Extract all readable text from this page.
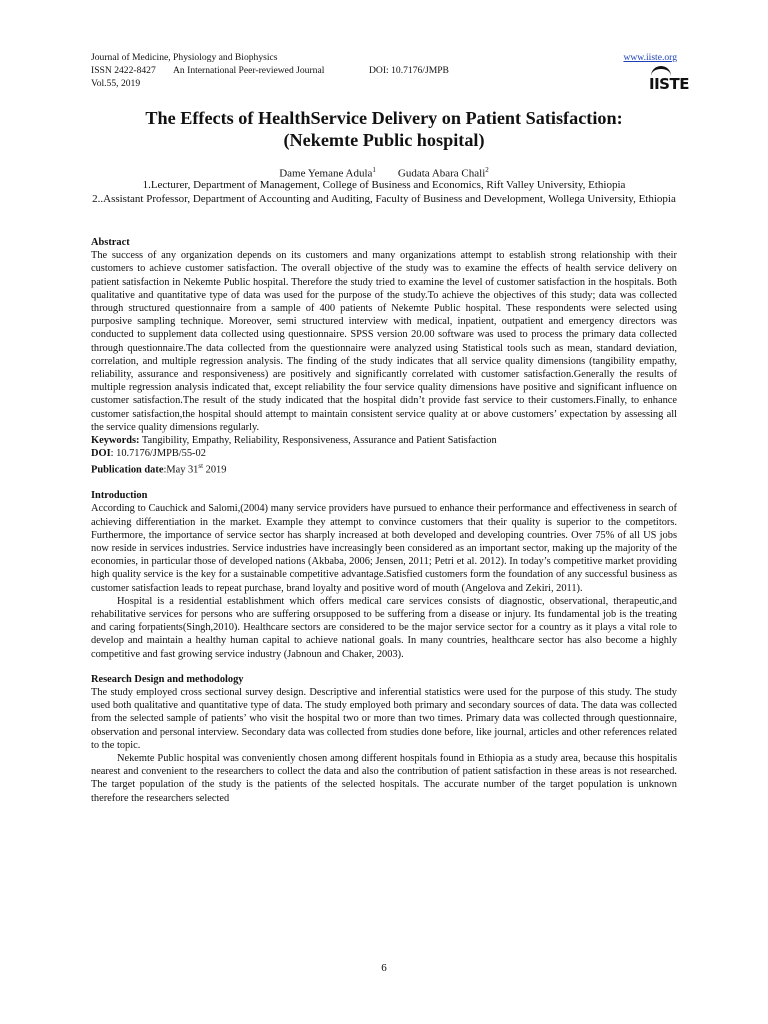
Journal of Medicine, Physiology and Biophysics
ISSN 2422-8427 An International Peer-reviewed Journal	DOI: 10.7176/JMPB
Vol.55, 2019
www.iiste.org
IISTE
The Effects of HealthService Delivery on Patient Satisfaction:
(Nekemte Public hospital)
Dame Yemane Adula$^1$ Gudata Abara Chali$^2$
1.Lecturer, Department of Management, College of Business and Economics, Rift Valley University, Ethiopia
2..Assistant Professor, Department of Accounting and Auditing, Faculty of Business and Development, Wollega University, Ethiopia

Abstract

The success of any organization depends on its customers and many organizations attempt to establish strong relationship with their customers to achieve customer satisfaction. The overall objective of the study was to examine the effects of health service delivery on patient satisfaction in Nekemte Public hospital. Therefore the study tried to examine the level of customer satisfaction in the hospitals. Both qualitative and quantitative type of data was used for the purpose of the study.To achieve the objectives of this study; data was collected through structured questionnaire from a sample of 400 patients of Nekemte Public hospital. These respondents were selected using purposive sampling technique. Moreover, semi structured interview with medical, inpatient, outpatient and emergency directors was conducted to supplement data collected using questionnaire. SPSS version 20.00 software was used to process the primary data collected through questionnaire.The data collected from the questionnaire were analyzed using Statistical tools such as mean, standard deviation, correlation, and multiple regression analysis. The finding of the study indicates that all service quality dimensions (tangibility empathy, reliability, assurance and responsiveness) are positively and significantly correlated with customer satisfaction.Generally the results of multiple regression analysis indicated that, except reliability the four service quality dimensions have positive and significant influence on customer satisfaction.The result of the study indicated that the hospital didn’t provide fast service to their customers.Finally, to enhance customer satisfaction,the hospital should attempt to maintain consistent service quality at or above customers’ expectation by assessing all the service quality dimensions regularly.

Keywords: Tangibility, Empathy, Reliability, Responsiveness, Assurance and Patient Satisfaction

DOI: 10.7176/JMPB/55-02

Publication date:May 31st 2019

Introduction

According to Cauchick and Salomi,(2004) many service providers have pursued to enhance their performance and effectiveness in search of achieving differentiation in the market. Example they attempt to convince customers that their quality is superior to the competitors. Furthermore, the importance of service sector has sharply increased at both developed and developing countries. Over 75% of all US jobs now reside in services industries. Service industries have increasingly been considered as an important sector, making up the majority of the economies, in particular those of developed nations (Akbaba, 2006; Jensen, 2011; Petri et al. 2012). In today’s competitive market providing high quality service is the key for a sustainable competitive advantage.Satisfied customers form the foundation of any successful business as customer satisfaction leads to repeat purchase, brand loyalty and positive word of mouth (Angelova and Zekiri, 2011).

Hospital is a residential establishment which offers medical care services consists of diagnostic, observational, therapeutic,and rehabilitative services for persons who are suffering orsupposed to be suffering from a disease or injury. Its fundamental job is the treating and caring forpatients(Singh,2010). Healthcare sectors are considered to be the major service sector for a country as it plays a vital role to develop and maintain a healthy human capital to achieve national goals. In many countries, healthcare sector has also become a highly competitive and fast growing service industry (Jabnoun and Chaker, 2003).

Research Design and methodology

The study employed cross sectional survey design. Descriptive and inferential statistics were used for the purpose of this study. The study used both qualitative and quantitative type of data. The study employed both primary and secondary sources of data. The data was collected from the selected sample of patients’ who visit the hospital two or more than two times. Primary data was collected through questionnaire, observation and personal interview. Secondary data was collected from studies done before, like journal, articles and other references related to the topic.

Nekemte Public hospital was conveniently chosen among different hospitals found in Ethiopia as a study area, because this hospitalis nearest and convenient to the researchers to collect the data and also the contribution of patient satisfaction in these areas is not researched. The target population of the study is the patients of the selected hospitals. The accurate number of the target population is unknown therefore the researchers selected

6
